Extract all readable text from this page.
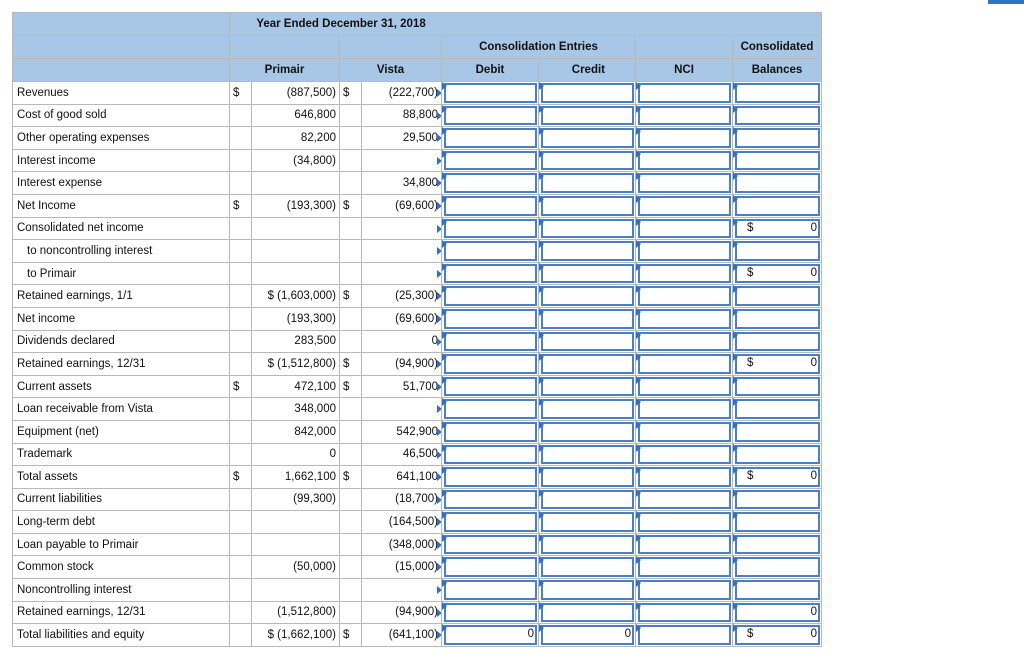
	Year Ended December 31, 2018							
					Consolidation Entries			Consolidated
	Primair		Vista		Debit	Credit	NCI	Balances
Revenues	$	(887,500)	$	(222,700)

Cost of good sold		646,800		88,800

Other operating expenses		82,200		29,500

Interest income		(34,800)		

Interest expense				34,800

Net Income	$	(193,300)	$	(69,600)

Consolidated net income								$ 0

to noncontrolling interest				

to Primair								$ 0

Retained earnings, 1/1		$ (1,603,000)	$	(25,300)

Net income		(193,300)		(69,600)

Dividends declared		283,500		0

Retained earnings, 12/31		$ (1,512,800)	$	(94,900)				$ 0

Current assets	$	472,100	$	51,700

Loan receivable from Vista		348,000		

Equipment (net)		842,000		542,900

Trademark		0		46,500

Total assets	$	1,662,100	$	641,100				$ 0

Current liabilities		(99,300)		(18,700)

Long-term debt				(164,500)

Loan payable to Primair				(348,000)

Common stock		(50,000)		(15,000)

Noncontrolling interest				

Retained earnings, 12/31		(1,512,800)		(94,900)				0

Total liabilities and equity		$ (1,662,100)	$	(641,100)	0	0		$ 0
